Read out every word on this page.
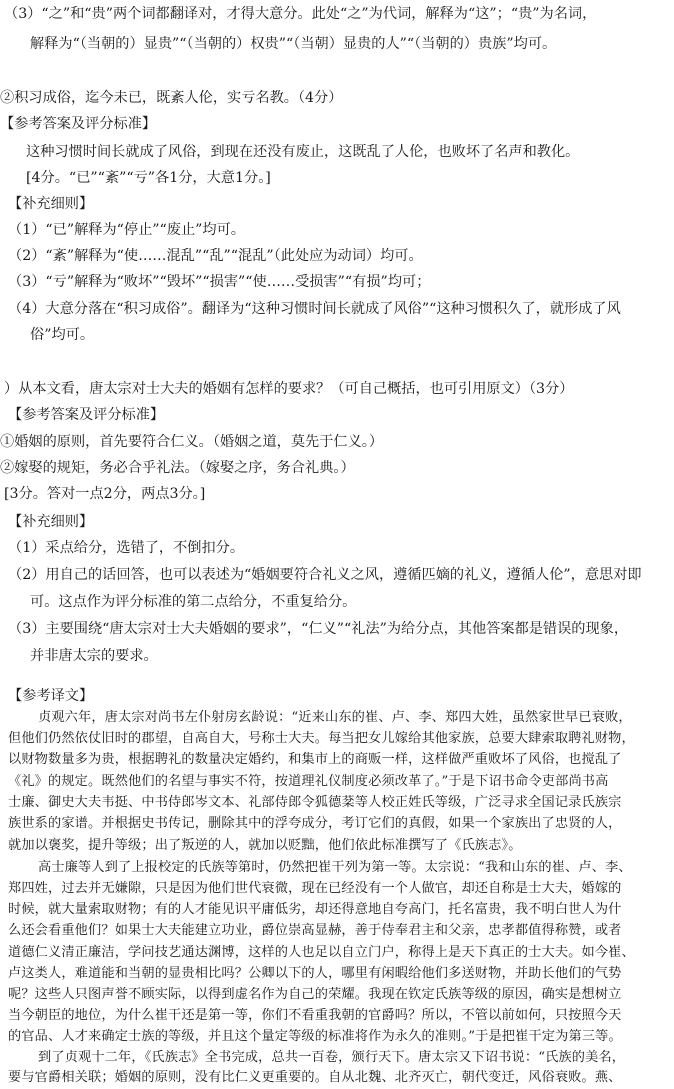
（3）“之”和“贵”两个词都翻译对，才得大意分。此处“之”为代词，解释为“这”；“贵”为名词，
解释为“（当朝的）显贵”“（当朝的）权贵”“（当朝）显贵的人”“（当朝的）贵族”均可。
②积习成俗，迄今未已，既紊人伦，实亏名教。（4分）
【参考答案及评分标准】
这种习惯时间长就成了风俗，到现在还没有废止，这既乱了人伦，也败坏了名声和教化。
[4分。“已”“紊”“亏”各1分，大意1分。]
【补充细则】
（1）“已”解释为“停止”“废止”均可。
（2）“紊”解释为“使……混乱”“乱”“混乱”（此处应为动词）均可。
（3）“亏”解释为“败坏”“毁坏”“损害”“使……受损害”“有损”均可；
（4）大意分落在“积习成俗”。翻译为“这种习惯时间长就成了风俗”“这种习惯积久了，就形成了风
俗”均可。
）从本文看，唐太宗对士大夫的婚姻有怎样的要求？（可自己概括，也可引用原文）（3分）
【参考答案及评分标准】
①婚姻的原则，首先要符合仁义。（婚姻之道，莫先于仁义。）
②嫁娶的规矩，务必合乎礼法。（嫁娶之序，务合礼典。）
[3分。答对一点2分，两点3分。]
【补充细则】
（1）采点给分，选错了，不倒扣分。
（2）用自己的话回答，也可以表述为“婚姻要符合礼义之风，遵循匹嫡的礼义，遵循人伦”，意思对即
可。这点作为评分标准的第二点给分，不重复给分。
（3）主要围绕“唐太宗对士大夫婚姻的要求”，“仁义”“礼法”为给分点，其他答案都是错误的现象，
并非唐太宗的要求。
【参考译文】
贞观六年，唐太宗对尚书左仆射房玄龄说：“近来山东的崔、卢、李、郑四大姓，虽然家世早已衰败，
但他们仍然依仗旧时的郡望，自高自大，号称士大夫。每当把女儿嫁给其他家族，总要大肆索取聘礼财物，
以财物数量多为贵，根据聘礼的数量决定婚约，和集市上的商贩一样，这样做严重败坏了风俗，也搅乱了
《礼》的规定。既然他们的名望与事实不符，按道理礼仪制度必须改革了。”于是下诏书命令吏部尚书高
士廉、御史大夫韦挺、中书侍郎岑文本、礼部侍郎令狐德棻等人校正姓氏等级，广泛寻求全国记录氏族宗
族世系的家谱。并根据史书传记，删除其中的浮夸成分，考订它们的真假，如果一个家族出了忠贤的人，
就加以褒奖，提升等级；出了叛逆的人，就加以贬黜，他们依此标准撰写了《氏族志》。
高士廉等人到了上报校定的氏族等第时，仍然把崔干列为第一等。太宗说：“我和山东的崔、卢、李、
郑四姓，过去并无嫌隙，只是因为他们世代衰微，现在已经没有一个人做官，却还自称是士大夫，婚嫁的
时候，就大量索取财物；有的人才能见识平庸低劣，却还得意地自夸高门，托名富贵，我不明白世人为什
么还会看重他们？如果士大夫能建立功业，爵位崇高显赫，善于侍奉君主和父亲，忠孝都值得称赞，或者
道德仁义清正廉洁，学问技艺通达渊博，这样的人也足以自立门户，称得上是天下真正的士大夫。如今崔、
卢这类人，难道能和当朝的显贵相比吗？公卿以下的人，哪里有闲暇给他们多送财物，并助长他们的气势
呢？这些人只图声誉不顾实际，以得到虚名作为自己的荣耀。我现在钦定氏族等级的原因，确实是想树立
当今朝臣的地位，为什么崔干还是第一等，你们不看重我朝的官爵吗？所以，不管以前如何，只按照今天
的官品、人才来确定士族的等级，并且这个量定等级的标准将作为永久的准则。”于是把崔干定为第三等。
到了贞观十二年，《氏族志》全书完成，总共一百卷，颁行天下。唐太宗又下诏书说：“氏族的美名，
要与官爵相关联；婚姻的原则，没有比仁义更重要的。自从北魏、北齐灭亡，朝代变迁，风俗衰败。燕、
